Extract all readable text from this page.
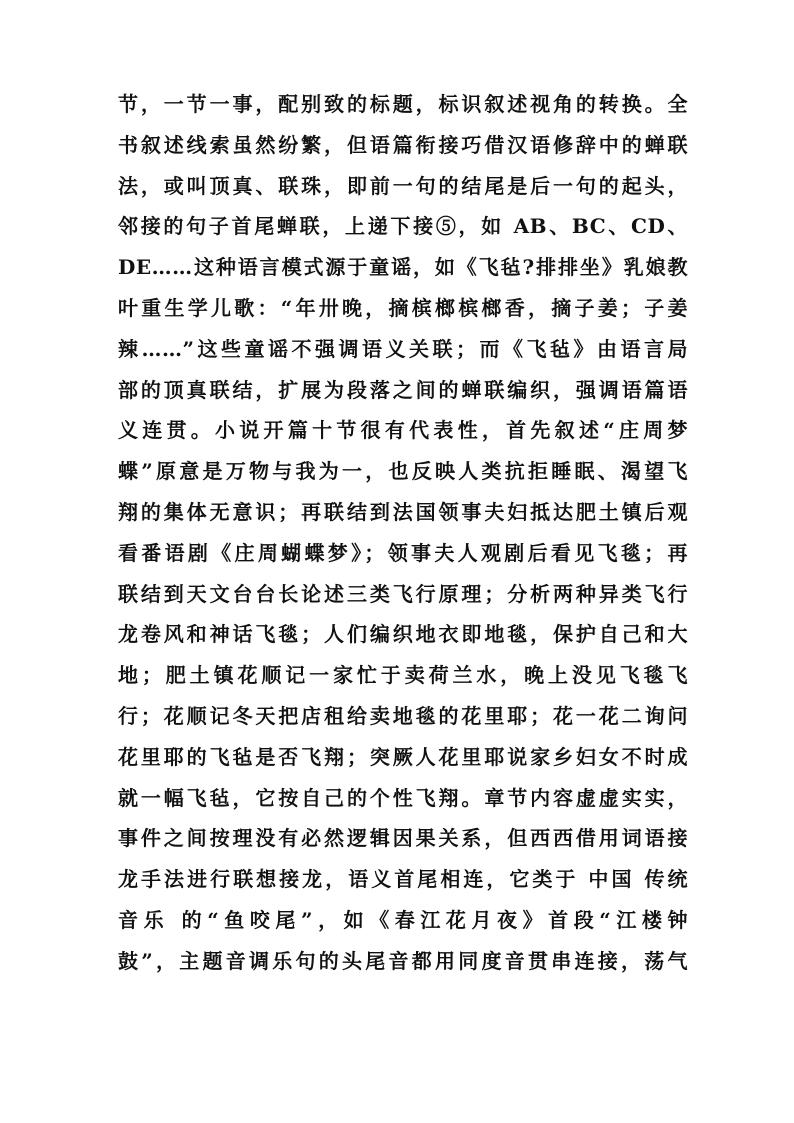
节，一节一事，配别致的标题，标识叙述视角的转换。全
书叙述线索虽然纷繁，但语篇衔接巧借汉语修辞中的蝉联
法，或叫顶真、联珠，即前一句的结尾是后一句的起头，
邻接的句子首尾蝉联，上递下接⑤，如 AB、BC、CD、
DE……这种语言模式源于童谣，如《飞毡?排排坐》乳娘教
叶重生学儿歌：“年卅晚，摘槟榔槟榔香，摘子姜；子姜
辣……”这些童谣不强调语义关联；而《飞毡》由语言局
部的顶真联结，扩展为段落之间的蝉联编织，强调语篇语
义连贯。小说开篇十节很有代表性，首先叙述“庄周梦
蝶”原意是万物与我为一，也反映人类抗拒睡眠、渴望飞
翔的集体无意识；再联结到法国领事夫妇抵达肥土镇后观
看番语剧《庄周蝴蝶梦》；领事夫人观剧后看见飞毯；再
联结到天文台台长论述三类飞行原理；分析两种异类飞行
龙卷风和神话飞毯；人们编织地衣即地毯，保护自己和大
地；肥土镇花顺记一家忙于卖荷兰水，晚上没见飞毯飞
行；花顺记冬天把店租给卖地毯的花里耶；花一花二询问
花里耶的飞毡是否飞翔；突厥人花里耶说家乡妇女不时成
就一幅飞毡，它按自己的个性飞翔。章节内容虚虚实实，
事件之间按理没有必然逻辑因果关系，但西西借用词语接
龙手法进行联想接龙，语义首尾相连，它类于 中国 传统
音乐 的“鱼咬尾”，如《春江花月夜》首段“江楼钟
鼓”，主题音调乐句的头尾音都用同度音贯串连接，荡气
